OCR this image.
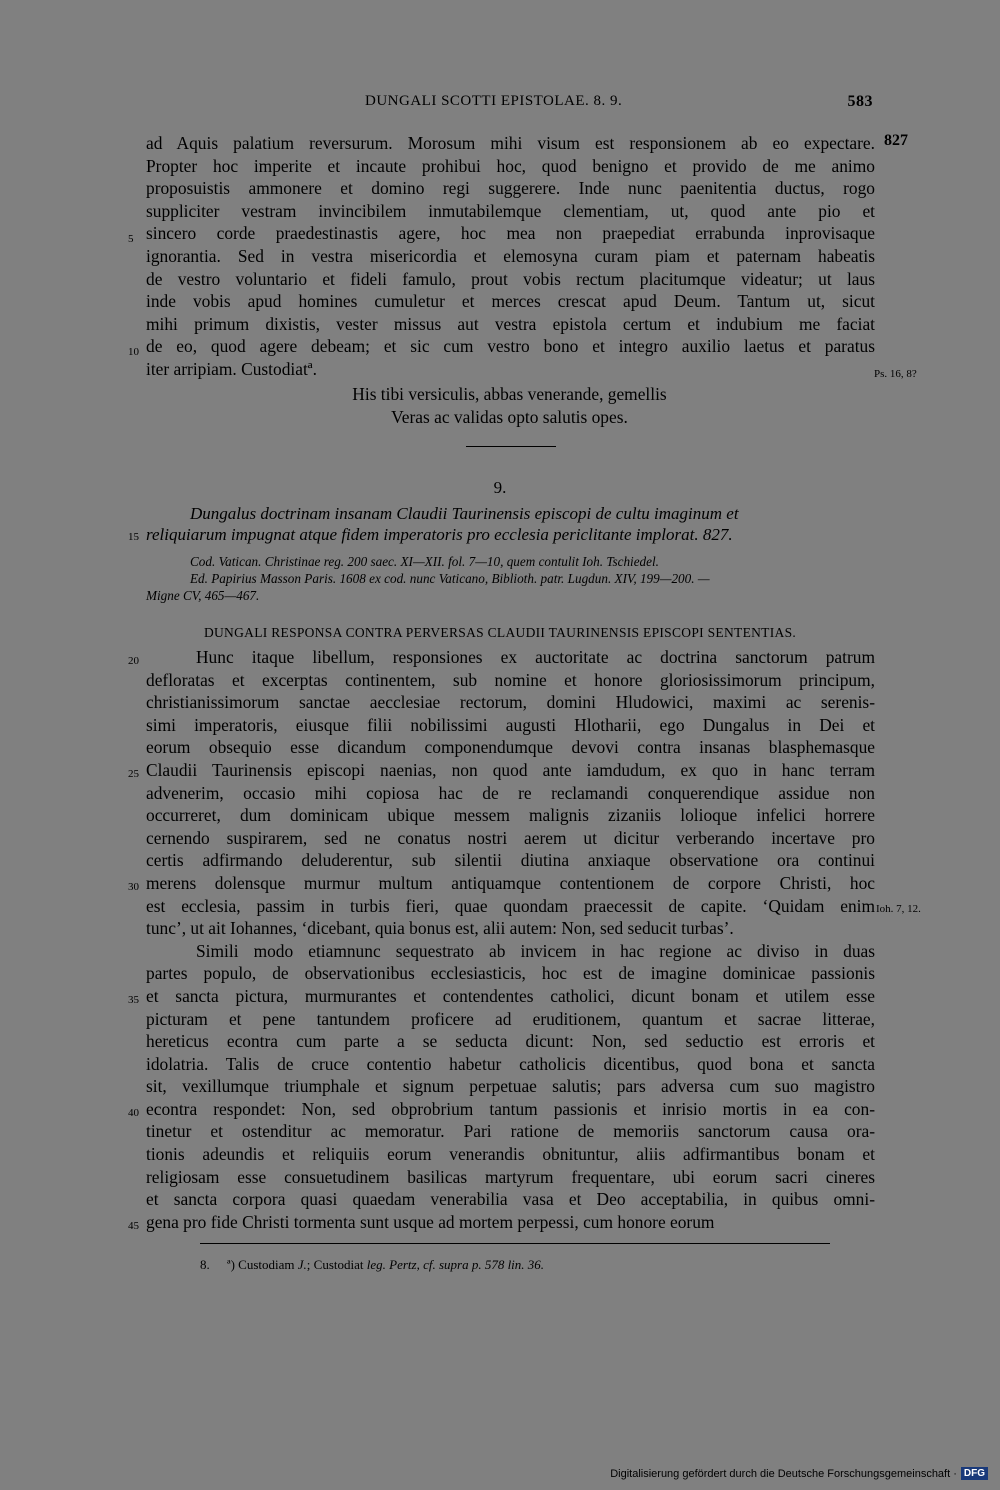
DUNGALI SCOTTI EPISTOLAE. 8. 9.	583
ad Aquis palatium reversurum. Morosum mihi visum est responsionem ab eo expectare.
Propter hoc imperite et incaute prohibui hoc, quod benigno et provido de me animo
proposuistis ammonere et domino regi suggerere. Inde nunc paenitentia ductus, rogo
suppliciter vestram invincibilem inmutabilemque clementiam, ut, quod ante pio et
sincero corde praedestinastis agere, hoc mea non praepediat errabunda inprovisaque
ignorantia. Sed in vestra misericordia et elemosyna curam piam et paternam habeatis
de vestro voluntario et fideli famulo, prout vobis rectum placitumque videatur; ut laus
inde vobis apud homines cumuletur et merces crescat apud Deum. Tantum ut, sicut
mihi primum dixistis, vester missus aut vestra epistola certum et indubium me faciat
de eo, quod agere debeam; et sic cum vestro bono et integro auxilio laetus et paratus
iter arripiam. Custodiatª.
827
5
10
Ps. 16, 8?
His tibi versiculis, abbas venerande, gemellis
Veras ac validas opto salutis opes.
9.
Dungalus doctrinam insanam Claudii Taurinensis episcopi de cultu imaginum et
reliquiarum impugnat atque fidem imperatoris pro ecclesia periclitante implorat. 827.
15
Cod. Vatican. Christinae reg. 200 saec. XI—XII. fol. 7—10, quem contulit Ioh. Tschiedel.
Ed. Papirius Masson Paris. 1608 ex cod. nunc Vaticano, Biblioth. patr. Lugdun. XIV, 199—200. —
Migne CV, 465—467.
DUNGALI RESPONSA CONTRA PERVERSAS CLAUDII TAURINENSIS EPISCOPI SENTENTIAS.
Hunc itaque libellum, responsiones ex auctoritate ac doctrina sanctorum patrum
defloratas et excerptas continentem, sub nomine et honore gloriosissimorum principum,
christianissimorum sanctae aecclesiae rectorum, domini Hludowici, maximi ac serenis-
simi imperatoris, eiusque filii nobilissimi augusti Hlotharii, ego Dungalus in Dei et
eorum obsequio esse dicandum componendumque devovi contra insanas blasphemasque
Claudii Taurinensis episcopi naenias, non quod ante iamdudum, ex quo in hanc terram
advenerim, occasio mihi copiosa hac de re reclamandi conquerendique assidue non
occurreret, dum dominicam ubique messem malignis zizaniis lolioque infelici horrere
cernendo suspirarem, sed ne conatus nostri aerem ut dicitur verberando incertave pro
certis adfirmando deluderentur, sub silentii diutina anxiaque observatione ora continui
merens dolensque murmur multum antiquamque contentionem de corpore Christi, hoc
est ecclesia, passim in turbis fieri, quae quondam praecessit de capite. ‘Quidam enim
tunc’, ut ait Iohannes, ‘dicebant, quia bonus est, alii autem: Non, sed seducit turbas’.
Simili modo etiamnunc sequestrato ab invicem in hac regione ac diviso in duas
partes populo, de observationibus ecclesiasticis, hoc est de imagine dominicae passionis
et sancta pictura, murmurantes et contendentes catholici, dicunt bonam et utilem esse
picturam et pene tantundem proficere ad eruditionem, quantum et sacrae litterae,
hereticus econtra cum parte a se seducta dicunt: Non, sed seductio est erroris et
idolatria. Talis de cruce contentio habetur catholicis dicentibus, quod bona et sancta
sit, vexillumque triumphale et signum perpetuae salutis; pars adversa cum suo magistro
econtra respondet: Non, sed obprobrium tantum passionis et inrisio mortis in ea con-
tinetur et ostenditur ac memoratur. Pari ratione de memoriis sanctorum causa ora-
tionis adeundis et reliquiis eorum venerandis obnituntur, aliis adfirmantibus bonam et
religiosam esse consuetudinem basilicas martyrum frequentare, ubi eorum sacri cineres
et sancta corpora quasi quaedam venerabilia vasa et Deo acceptabilia, in quibus omni-
gena pro fide Christi tormenta sunt usque ad mortem perpessi, cum honore eorum
20
25
30
35
40
45
Ioh. 7, 12.
8. ª) Custodiam J.; Custodiat leg. Pertz, cf. supra p. 578 lin. 36.
Digitalisierung gefördert durch die Deutsche Forschungsgemeinschaft · DFG
